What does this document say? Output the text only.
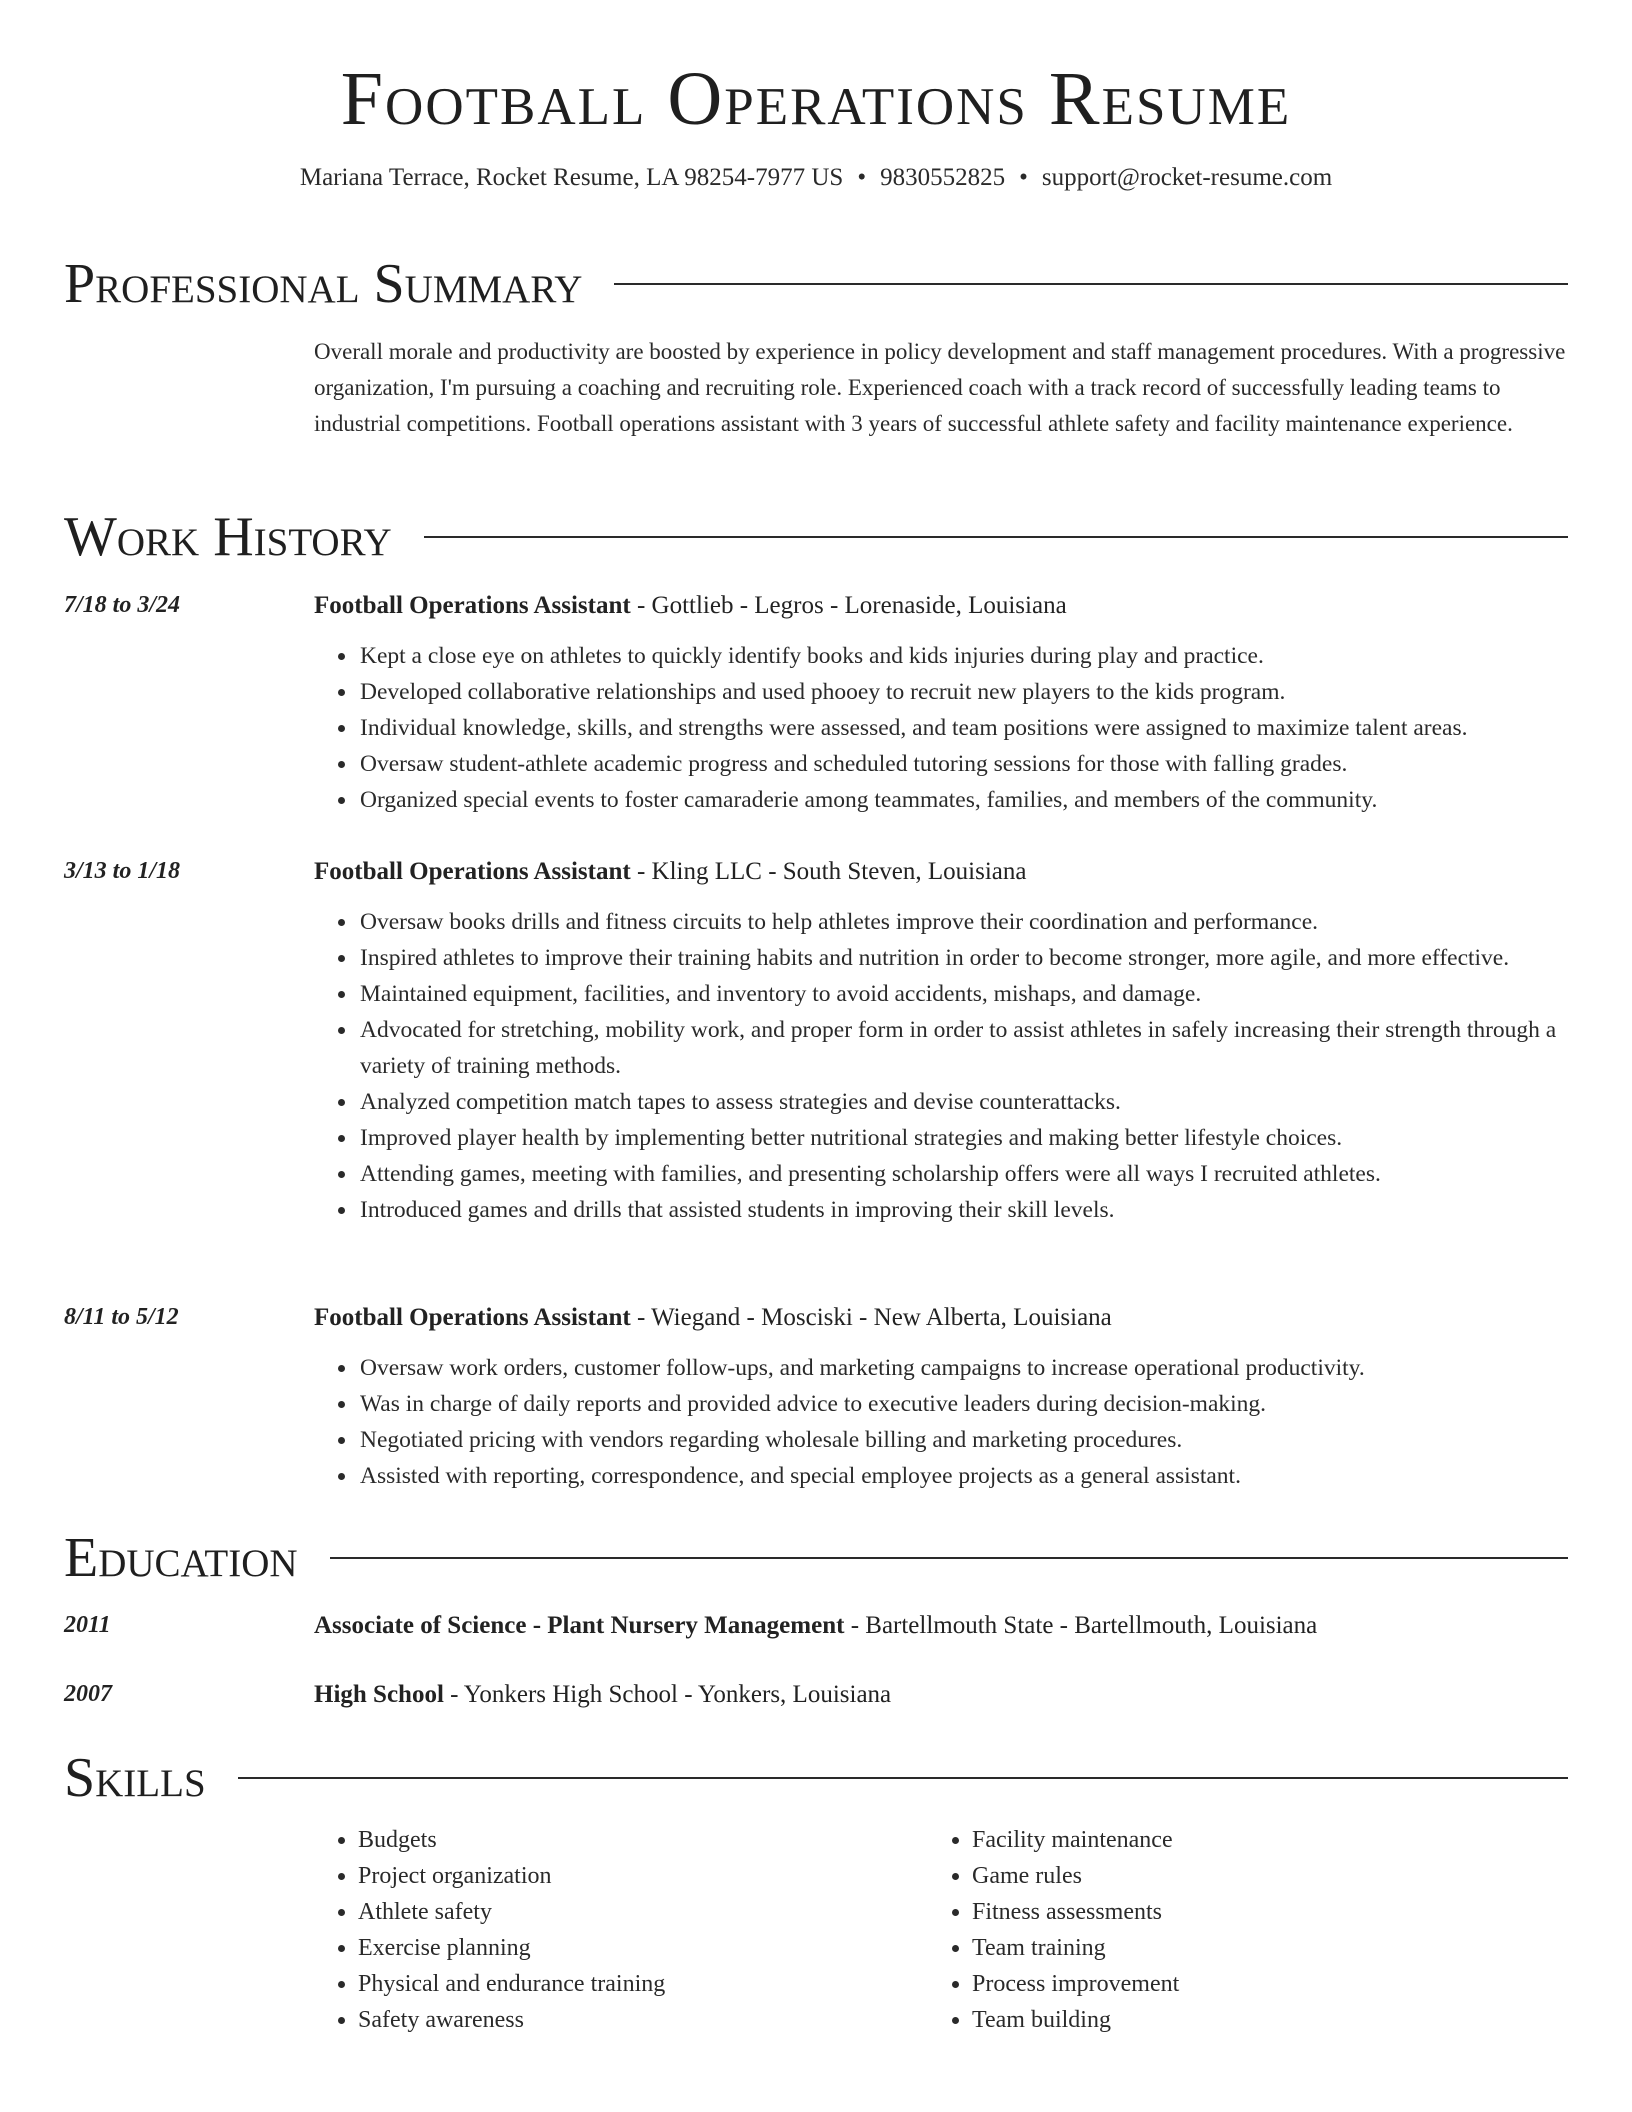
Football Operations Resume
Mariana Terrace, Rocket Resume, LA 98254-7977 US • 9830552825 • support@rocket-resume.com
Professional Summary
Overall morale and productivity are boosted by experience in policy development and staff management procedures. With a progressive organization, I'm pursuing a coaching and recruiting role. Experienced coach with a track record of successfully leading teams to industrial competitions. Football operations assistant with 3 years of successful athlete safety and facility maintenance experience.
Work History
7/18 to 3/24	Football Operations Assistant - Gottlieb - Legros - Lorenaside, Louisiana
• Kept a close eye on athletes to quickly identify books and kids injuries during play and practice.
• Developed collaborative relationships and used phooey to recruit new players to the kids program.
• Individual knowledge, skills, and strengths were assessed, and team positions were assigned to maximize talent areas.
• Oversaw student-athlete academic progress and scheduled tutoring sessions for those with falling grades.
• Organized special events to foster camaraderie among teammates, families, and members of the community.
3/13 to 1/18	Football Operations Assistant - Kling LLC - South Steven, Louisiana
• Oversaw books drills and fitness circuits to help athletes improve their coordination and performance.
• Inspired athletes to improve their training habits and nutrition in order to become stronger, more agile, and more effective.
• Maintained equipment, facilities, and inventory to avoid accidents, mishaps, and damage.
• Advocated for stretching, mobility work, and proper form in order to assist athletes in safely increasing their strength through a variety of training methods.
• Analyzed competition match tapes to assess strategies and devise counterattacks.
• Improved player health by implementing better nutritional strategies and making better lifestyle choices.
• Attending games, meeting with families, and presenting scholarship offers were all ways I recruited athletes.
• Introduced games and drills that assisted students in improving their skill levels.
8/11 to 5/12	Football Operations Assistant - Wiegand - Mosciski - New Alberta, Louisiana
• Oversaw work orders, customer follow-ups, and marketing campaigns to increase operational productivity.
• Was in charge of daily reports and provided advice to executive leaders during decision-making.
• Negotiated pricing with vendors regarding wholesale billing and marketing procedures.
• Assisted with reporting, correspondence, and special employee projects as a general assistant.
Education
2011	Associate of Science - Plant Nursery Management - Bartellmouth State - Bartellmouth, Louisiana
2007	High School - Yonkers High School - Yonkers, Louisiana
Skills
• Budgets
• Project organization
• Athlete safety
• Exercise planning
• Physical and endurance training
• Safety awareness
• Facility maintenance
• Game rules
• Fitness assessments
• Team training
• Process improvement
• Team building
